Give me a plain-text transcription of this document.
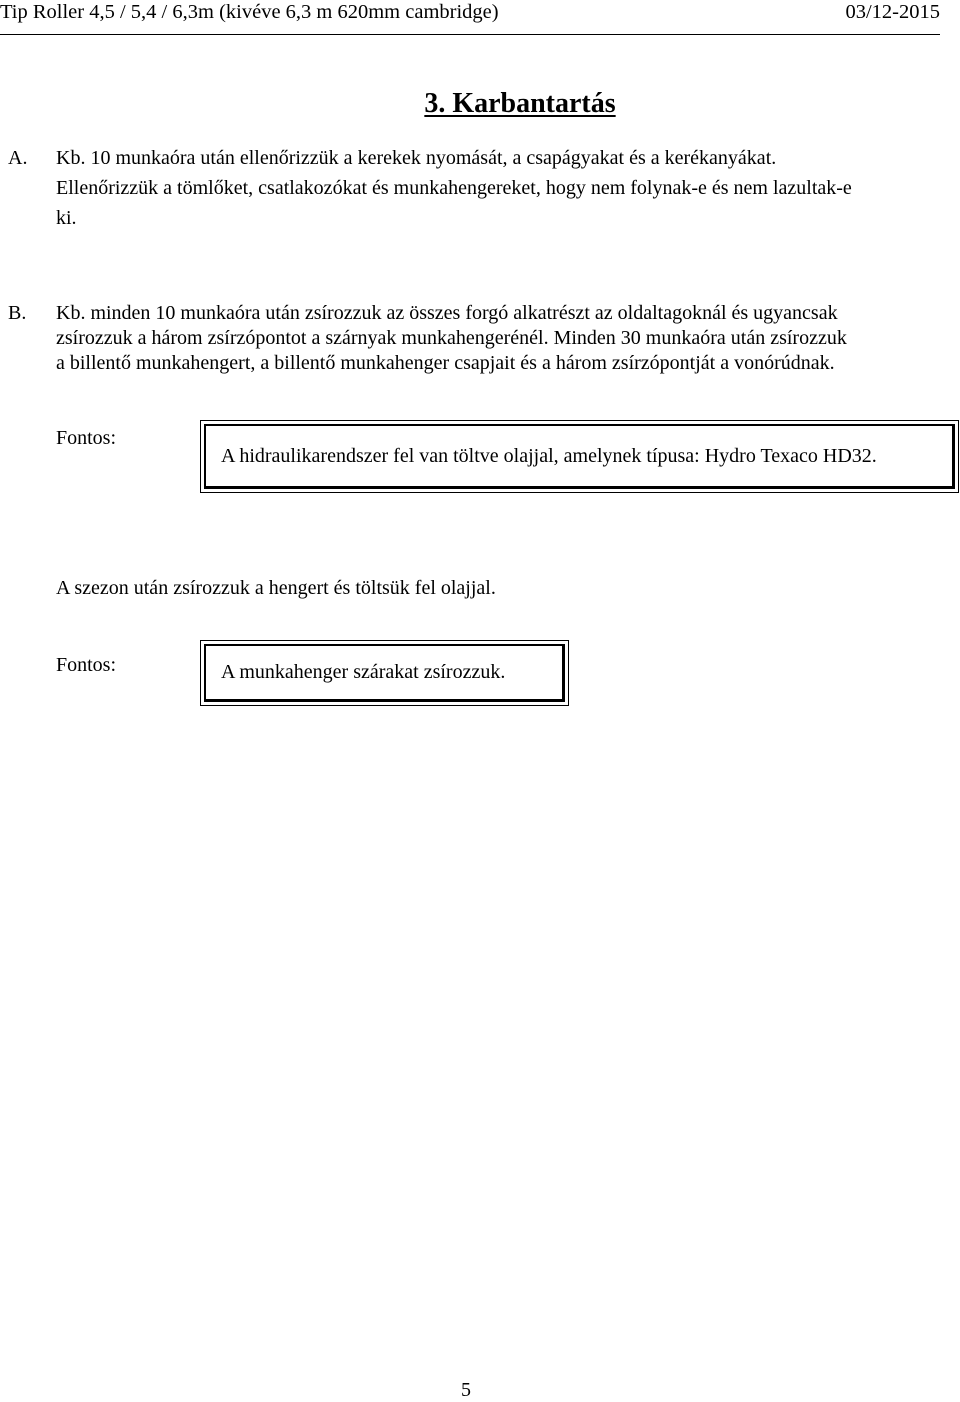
Tip Roller 4,5 / 5,4 / 6,3m (kivéve 6,3 m 620mm cambridge)	03/12-2015
3. Karbantartás
A. Kb. 10 munkaóra után ellenőrizzük a kerekek nyomását, a csapágyakat és a kerékanyákat.
Ellenőrizzük a tömlőket, csatlakozókat és munkahengereket, hogy nem folynak-e és nem lazultak-e
ki.
B. Kb. minden 10 munkaóra után zsírozzuk az összes forgó alkatrészt az oldaltagoknál és ugyancsak
zsírozzuk a három zsírzópontot a szárnyak munkahengerénél. Minden 30 munkaóra után zsírozzuk
a billentő munkahengert, a billentő munkahenger csapjait és a három zsírzópontját a vonórúdnak.
Fontos:
A hidraulikarendszer fel van töltve olajjal, amelynek típusa: Hydro Texaco HD32.
A szezon után zsírozzuk a hengert és töltsük fel olajjal.
Fontos:	A munkahenger szárakat zsírozzuk.
5
